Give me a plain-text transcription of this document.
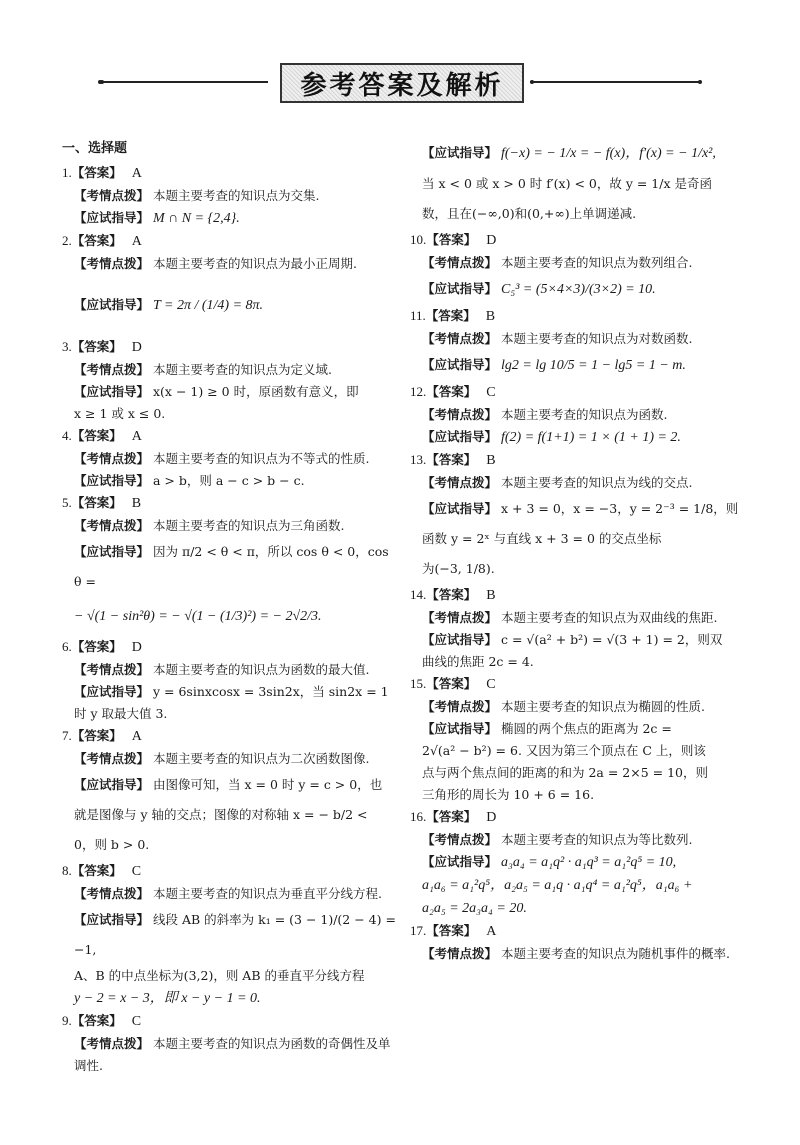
参考答案及解析
一、选择题
1. 【答案】 A
【考情点拨】 本题主要考查的知识点为交集.
【应试指导】 M ∩ N = {2,4}.
2. 【答案】 A
【考情点拨】 本题主要考查的知识点为最小正周期.
【应试指导】 T = 2π / (1/4) = 8π.
3. 【答案】 D
【考情点拨】 本题主要考查的知识点为定义域.
【应试指导】 x(x − 1) ≥ 0 时，原函数有意义，即
x ≥ 1 或 x ≤ 0.
4. 【答案】 A
【考情点拨】 本题主要考查的知识点为不等式的性质.
【应试指导】 a > b，则 a − c > b − c.
5. 【答案】 B
【考情点拨】 本题主要考查的知识点为三角函数.
【应试指导】 因为 π/2 < θ < π，所以 cos θ < 0，cos θ =
− √(1 − sin²θ) = − √(1 − (1/3)²) = − 2√2/3.
6. 【答案】 D
【考情点拨】 本题主要考查的知识点为函数的最大值.
【应试指导】 y = 6sinxcosx = 3sin2x，当 sin2x = 1
时 y 取最大值 3.
7. 【答案】 A
【考情点拨】 本题主要考查的知识点为二次函数图像.
【应试指导】 由图像可知，当 x = 0 时 y = c > 0，也
就是图像与 y 轴的交点；图像的对称轴 x = − b/2 <
0，则 b > 0.
8. 【答案】 C
【考情点拨】 本题主要考查的知识点为垂直平分线方程.
【应试指导】 线段 AB 的斜率为 k₁ = (3 − 1)/(2 − 4) = −1,
A、B 的中点坐标为(3,2)，则 AB 的垂直平分线方程
y − 2 = x − 3，即 x − y − 1 = 0.
9. 【答案】 C
【考情点拨】 本题主要考查的知识点为函数的奇偶性及单调性.
【应试指导】 f(−x) = − 1/x = − f(x)，f′(x) = − 1/x²,
当 x < 0 或 x > 0 时 f′(x) < 0，故 y = 1/x 是奇函
数，且在(−∞,0)和(0,+∞)上单调递减.
10. 【答案】 D
【考情点拨】 本题主要考查的知识点为数列组合.
【应试指导】 C₅³ = (5×4×3)/(3×2) = 10.
11. 【答案】 B
【考情点拨】 本题主要考查的知识点为对数函数.
【应试指导】 lg2 = lg 10/5 = 1 − lg5 = 1 − m.
12. 【答案】 C
【考情点拨】 本题主要考查的知识点为函数.
【应试指导】 f(2) = f(1+1) = 1 × (1 + 1) = 2.
13. 【答案】 B
【考情点拨】 本题主要考查的知识点为线的交点.
【应试指导】 x + 3 = 0，x = −3，y = 2⁻³ = 1/8，则
函数 y = 2ˣ 与直线 x + 3 = 0 的交点坐标
为(−3, 1/8).
14. 【答案】 B
【考情点拨】 本题主要考查的知识点为双曲线的焦距.
【应试指导】 c = √(a² + b²) = √(3 + 1) = 2，则双
曲线的焦距 2c = 4.
15. 【答案】 C
【考情点拨】 本题主要考查的知识点为椭圆的性质.
【应试指导】 椭圆的两个焦点的距离为 2c =
2√(a² − b²) = 6. 又因为第三个顶点在 C 上，则该
点与两个焦点间的距离的和为 2a = 2×5 = 10，则
三角形的周长为 10 + 6 = 16.
16. 【答案】 D
【考情点拨】 本题主要考查的知识点为等比数列.
【应试指导】 a₃a₄ = a₁q² · a₁q³ = a₁²q⁵ = 10,
a₁a₆ = a₁²q⁵，a₂a₅ = a₁q · a₁q⁴ = a₁²q⁵，a₁a₆ +
a₂a₅ = 2a₃a₄ = 20.
17. 【答案】 A
【考情点拨】 本题主要考查的知识点为随机事件的概率.
